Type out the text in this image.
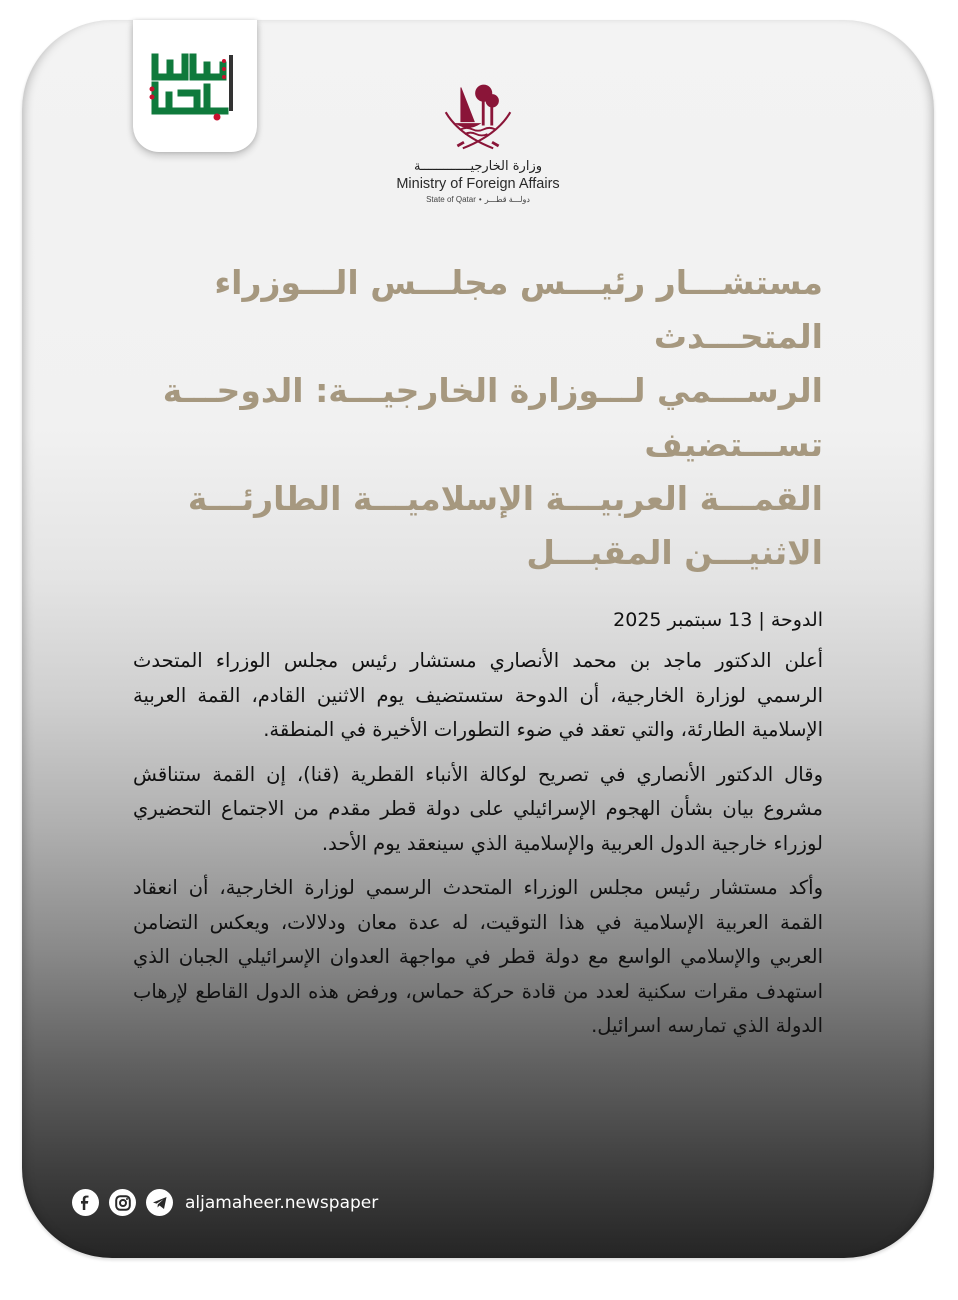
وزارة الخارجيـــــــــــــة
Ministry of Foreign Affairs
State of Qatar • دولـــة قطـــر
مستشـــار رئيـــس مجلـــس الـــوزراء المتحـــدث
الرســـمي لـــوزارة الخارجيـــة: الدوحـــة تســـتضيف
القمـــة العربيـــة الإسلاميـــة الطارئـــة الاثنيـــن المقبـــل
الدوحة | 13 سبتمبر 2025

أعلن الدكتور ماجد بن محمد الأنصاري مستشار رئيس مجلس الوزراء المتحدث الرسمي لوزارة الخارجية، أن الدوحة ستستضيف يوم الاثنين القادم، القمة العربية الإسلامية الطارئة، والتي تعقد في ضوء التطورات الأخيرة في المنطقة.

وقال الدكتور الأنصاري في تصريح لوكالة الأنباء القطرية (قنا)، إن القمة ستناقش مشروع بيان بشأن الهجوم الإسرائيلي على دولة قطر مقدم من الاجتماع التحضيري لوزراء خارجية الدول العربية والإسلامية الذي سينعقد يوم الأحد.

وأكد مستشار رئيس مجلس الوزراء المتحدث الرسمي لوزارة الخارجية، أن انعقاد القمة العربية الإسلامية في هذا التوقيت، له عدة معان ودلالات، ويعكس التضامن العربي والإسلامي الواسع مع دولة قطر في مواجهة العدوان الإسرائيلي الجبان الذي استهدف مقرات سكنية لعدد من قادة حركة حماس، ورفض هذه الدول القاطع لإرهاب الدولة الذي تمارسه اسرائيل.

aljamaheer.newspaper
